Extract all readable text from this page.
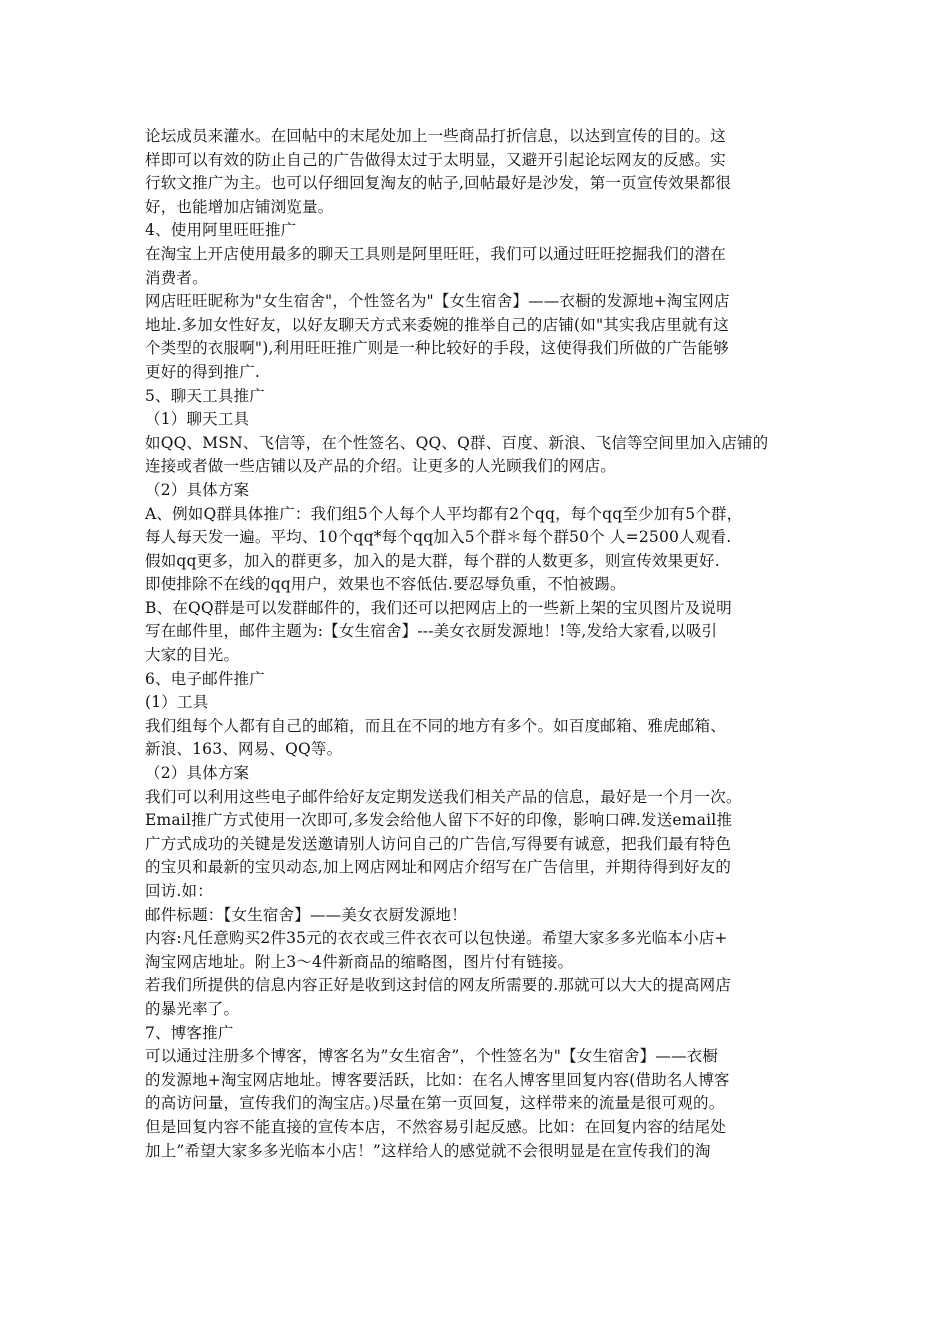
论坛成员来灌水。在回帖中的末尾处加上一些商品打折信息，以达到宣传的目的。这
样即可以有效的防止自己的广告做得太过于太明显，又避开引起论坛网友的反感。实
行软文推广为主。也可以仔细回复淘友的帖子,回帖最好是沙发，第一页宣传效果都很
好，也能增加店铺浏览量。
4、使用阿里旺旺推广
在淘宝上开店使用最多的聊天工具则是阿里旺旺，我们可以通过旺旺挖掘我们的潜在
消费者。
网店旺旺昵称为"女生宿舍"，个性签名为"【女生宿舍】——衣橱的发源地+淘宝网店
地址.多加女性好友，以好友聊天方式来委婉的推举自己的店铺(如"其实我店里就有这
个类型的衣服啊"),利用旺旺推广则是一种比较好的手段，这使得我们所做的广告能够
更好的得到推广.
5、聊天工具推广
（1）聊天工具
如QQ、MSN、飞信等，在个性签名、QQ、Q群、百度、新浪、飞信等空间里加入店铺的
连接或者做一些店铺以及产品的介绍。让更多的人光顾我们的网店。
（2）具体方案
A、例如Q群具体推广：我们组5个人每个人平均都有2个qq，每个qq至少加有5个群，
每人每天发一遍。平均、10个qq*每个qq加入5个群＊每个群50个 人=2500人观看.
假如qq更多，加入的群更多，加入的是大群，每个群的人数更多，则宣传效果更好.
即使排除不在线的qq用户，效果也不容低估.要忍辱负重，不怕被踢。
B、在QQ群是可以发群邮件的，我们还可以把网店上的一些新上架的宝贝图片及说明
写在邮件里，邮件主题为:【女生宿舍】---美女衣厨发源地！!等,发给大家看,以吸引
大家的目光。
6、电子邮件推广
(1）工具
我们组每个人都有自己的邮箱，而且在不同的地方有多个。如百度邮箱、雅虎邮箱、
新浪、163、网易、QQ等。
（2）具体方案
我们可以利用这些电子邮件给好友定期发送我们相关产品的信息，最好是一个月一次。
Email推广方式使用一次即可,多发会给他人留下不好的印像，影响口碑.发送email推
广方式成功的关键是发送邀请别人访问自己的广告信,写得要有诚意，把我们最有特色
的宝贝和最新的宝贝动态,加上网店网址和网店介绍写在广告信里，并期待得到好友的
回访.如：
邮件标题：【女生宿舍】——美女衣厨发源地！
内容:凡任意购买2件35元的衣衣或三件衣衣可以包快递。希望大家多多光临本小店+
淘宝网店地址。附上3～4件新商品的缩略图，图片付有链接。
若我们所提供的信息内容正好是收到这封信的网友所需要的.那就可以大大的提高网店
的暴光率了。
7、博客推广
可以通过注册多个博客，博客名为”女生宿舍”，个性签名为"【女生宿舍】——衣橱
的发源地+淘宝网店地址。博客要活跃，比如：在名人博客里回复内容(借助名人博客
的高访问量，宣传我们的淘宝店。)尽量在第一页回复，这样带来的流量是很可观的。
但是回复内容不能直接的宣传本店，不然容易引起反感。比如：在回复内容的结尾处
加上”希望大家多多光临本小店！”这样给人的感觉就不会很明显是在宣传我们的淘
